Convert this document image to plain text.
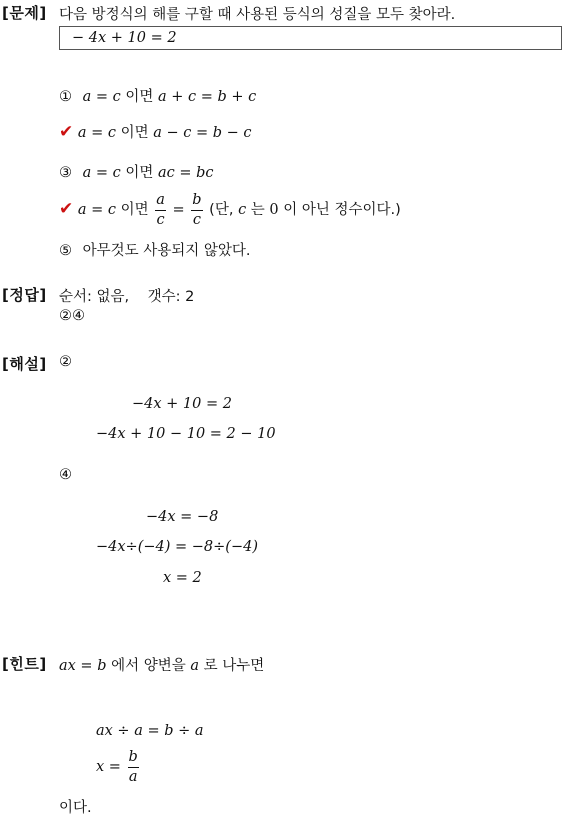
[문제] 다음 방정식의 해를 구할 때 사용된 등식의 성질을 모두 찾아라.
− 4x + 10 = 2
① a = c 이면 a + c = b + c
✔ a = c 이면 a − c = b − c
③ a = c 이면 ac = bc
✔ a = c 이면 $\frac{a}{c} = \frac{b}{c}$ (단, c 는 0 이 아닌 정수이다.)
⑤ 아무것도 사용되지 않았다.
[정답] 순서: 없음,    갯수: 2
②④
[해설] ②
−4x + 10 = 2
−4x + 10 − 10 = 2 − 10
④
−4x = −8
−4x÷(−4) = −8÷(−4)
x = 2
[힌트] ax = b 에서 양변을 a 로 나누면
ax ÷ a = b ÷ a
$x = \frac{b}{a}$
이다.
